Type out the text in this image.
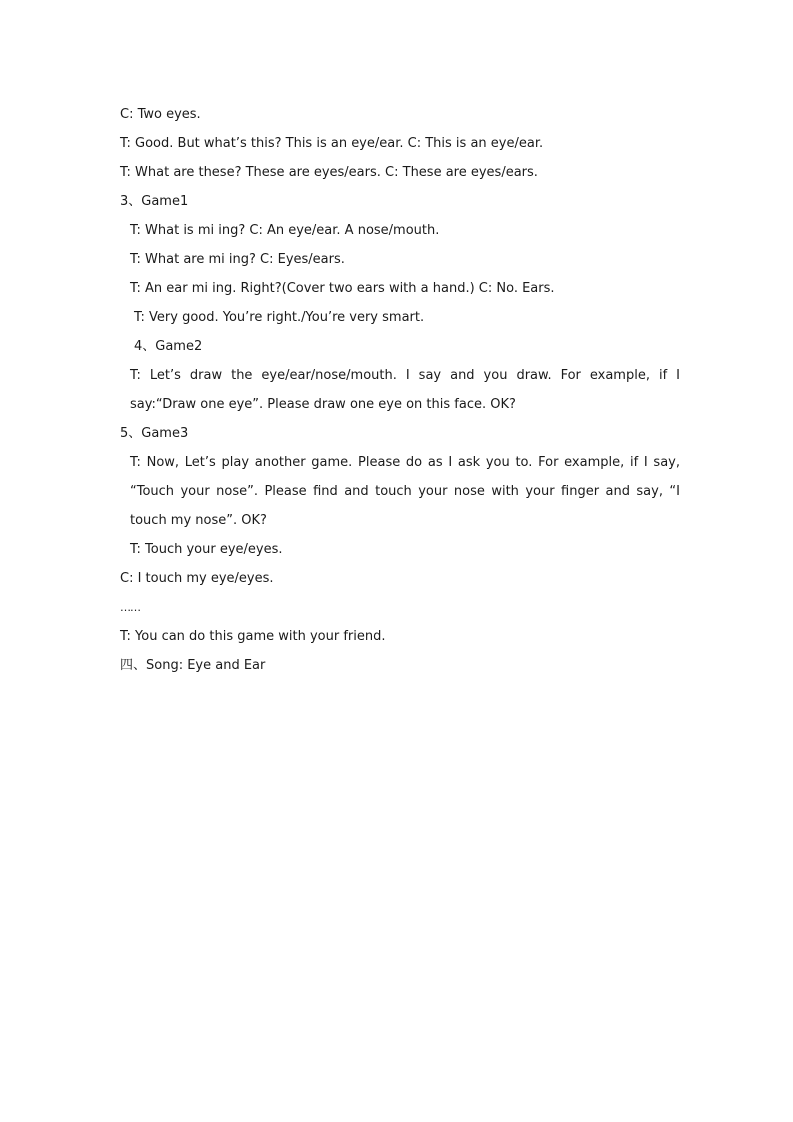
C: Two eyes.
T: Good. But what’s this? This is an eye/ear. C: This is an eye/ear.
T: What are these? These are eyes/ears. C: These are eyes/ears.
3、Game1
T: What is mi ing? C: An eye/ear. A nose/mouth.
T: What are mi ing? C: Eyes/ears.
T: An ear mi ing. Right?(Cover two ears with a hand.) C: No. Ears.
T: Very good. You’re right./You’re very smart.
4、Game2
T: Let’s draw the eye/ear/nose/mouth. I say and you draw. For example, if I say:“Draw one eye”. Please draw one eye on this face. OK?
5、Game3
T: Now, Let’s play another game. Please do as I ask you to. For example, if I say, “Touch your nose”. Please find and touch your nose with your finger and say, “I touch my nose”. OK?
T: Touch your eye/eyes.
C: I touch my eye/eyes.
……
T: You can do this game with your friend.
四、Song: Eye and Ear
